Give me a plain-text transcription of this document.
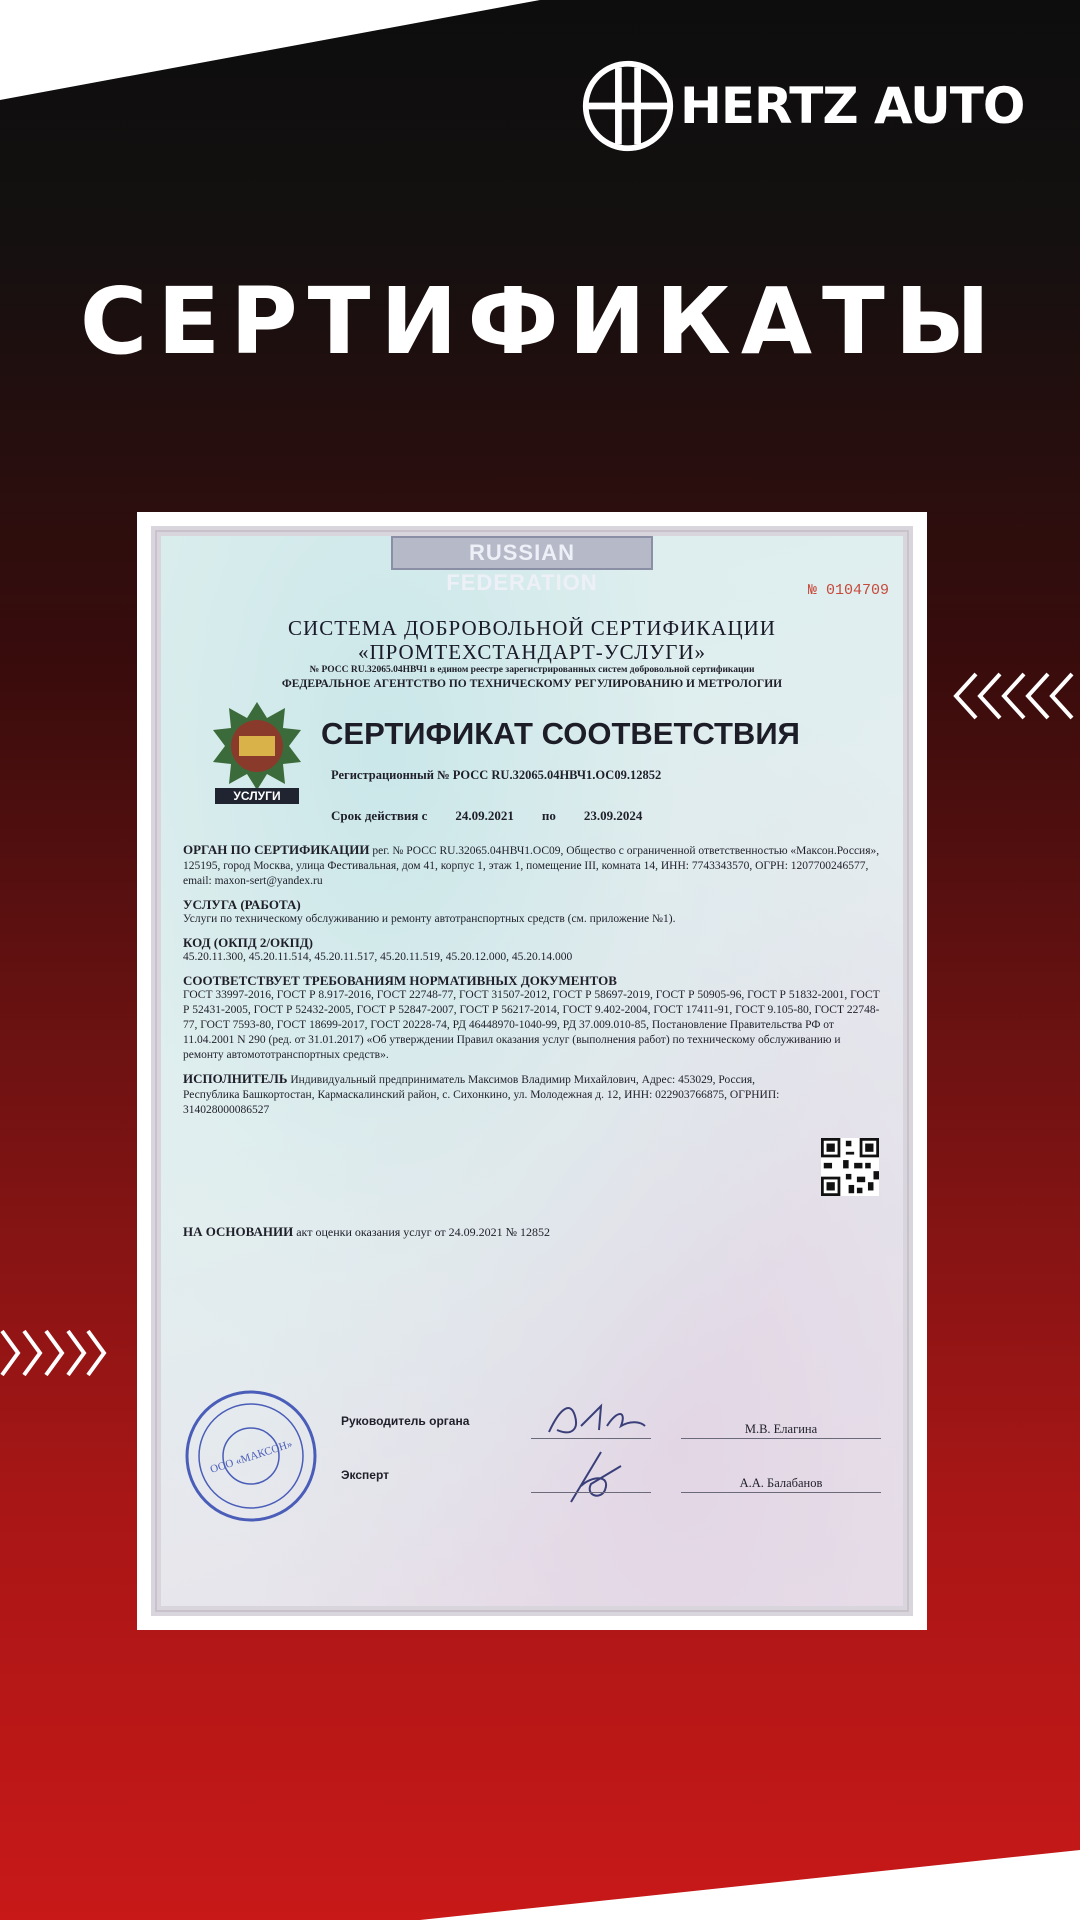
HERTZ AUTO
СЕРТИФИКАТЫ
RUSSIAN FEDERATION	№ 0104709
СИСТЕМА ДОБРОВОЛЬНОЙ СЕРТИФИКАЦИИ
«ПРОМТЕХСТАНДАРТ-УСЛУГИ»
№ РОСС RU.32065.04НВЧ1 в едином реестре зарегистрированных систем добровольной сертификации
ФЕДЕРАЛЬНОЕ АГЕНТСТВО ПО ТЕХНИЧЕСКОМУ РЕГУЛИРОВАНИЮ И МЕТРОЛОГИИ
УСЛУГИ
СЕРТИФИКАТ СООТВЕТСТВИЯ
Регистрационный № РОСС RU.32065.04НВЧ1.ОС09.12852
Срок действия с 24.09.2021 по 23.09.2024
ОРГАН ПО СЕРТИФИКАЦИИ рег. № РОСС RU.32065.04НВЧ1.ОС09, Общество с ограниченной ответственностью «Максон.Россия», 125195, город Москва, улица Фестивальная, дом 41, корпус 1, этаж 1, помещение III, комната 14, ИНН: 7743343570, ОГРН: 1207700246577, email: maxon-sert@yandex.ru
УСЛУГА (РАБОТА)
Услуги по техническому обслуживанию и ремонту автотранспортных средств (см. приложение №1).
КОД (ОКПД 2/ОКПД)
45.20.11.300, 45.20.11.514, 45.20.11.517, 45.20.11.519, 45.20.12.000, 45.20.14.000
СООТВЕТСТВУЕТ ТРЕБОВАНИЯМ НОРМАТИВНЫХ ДОКУМЕНТОВ
ГОСТ 33997-2016, ГОСТ Р 8.917-2016, ГОСТ 22748-77, ГОСТ 31507-2012, ГОСТ Р 58697-2019, ГОСТ Р 50905-96, ГОСТ Р 51832-2001, ГОСТ Р 52431-2005, ГОСТ Р 52432-2005, ГОСТ Р 52847-2007, ГОСТ Р 56217-2014, ГОСТ 9.402-2004, ГОСТ 17411-91, ГОСТ 9.105-80, ГОСТ 22748-77, ГОСТ 7593-80, ГОСТ 18699-2017, ГОСТ 20228-74, РД 46448970-1040-99, РД 37.009.010-85, Постановление Правительства РФ от 11.04.2001 N 290 (ред. от 31.01.2017) «Об утверждении Правил оказания услуг (выполнения работ) по техническому обслуживанию и ремонту автомототранспортных средств».
ИСПОЛНИТЕЛЬ Индивидуальный предприниматель Максимов Владимир Михайлович, Адрес: 453029, Россия, Республика Башкортостан, Кармаскалинский район, с. Сихонкино, ул. Молодежная д. 12, ИНН: 022903766875, ОГРНИП: 314028000086527
НА ОСНОВАНИИ акт оценки оказания услуг от 24.09.2021 № 12852
ООО «МАКСОН»
Руководитель органа
М.В. Елагина
Эксперт
А.А. Балабанов
